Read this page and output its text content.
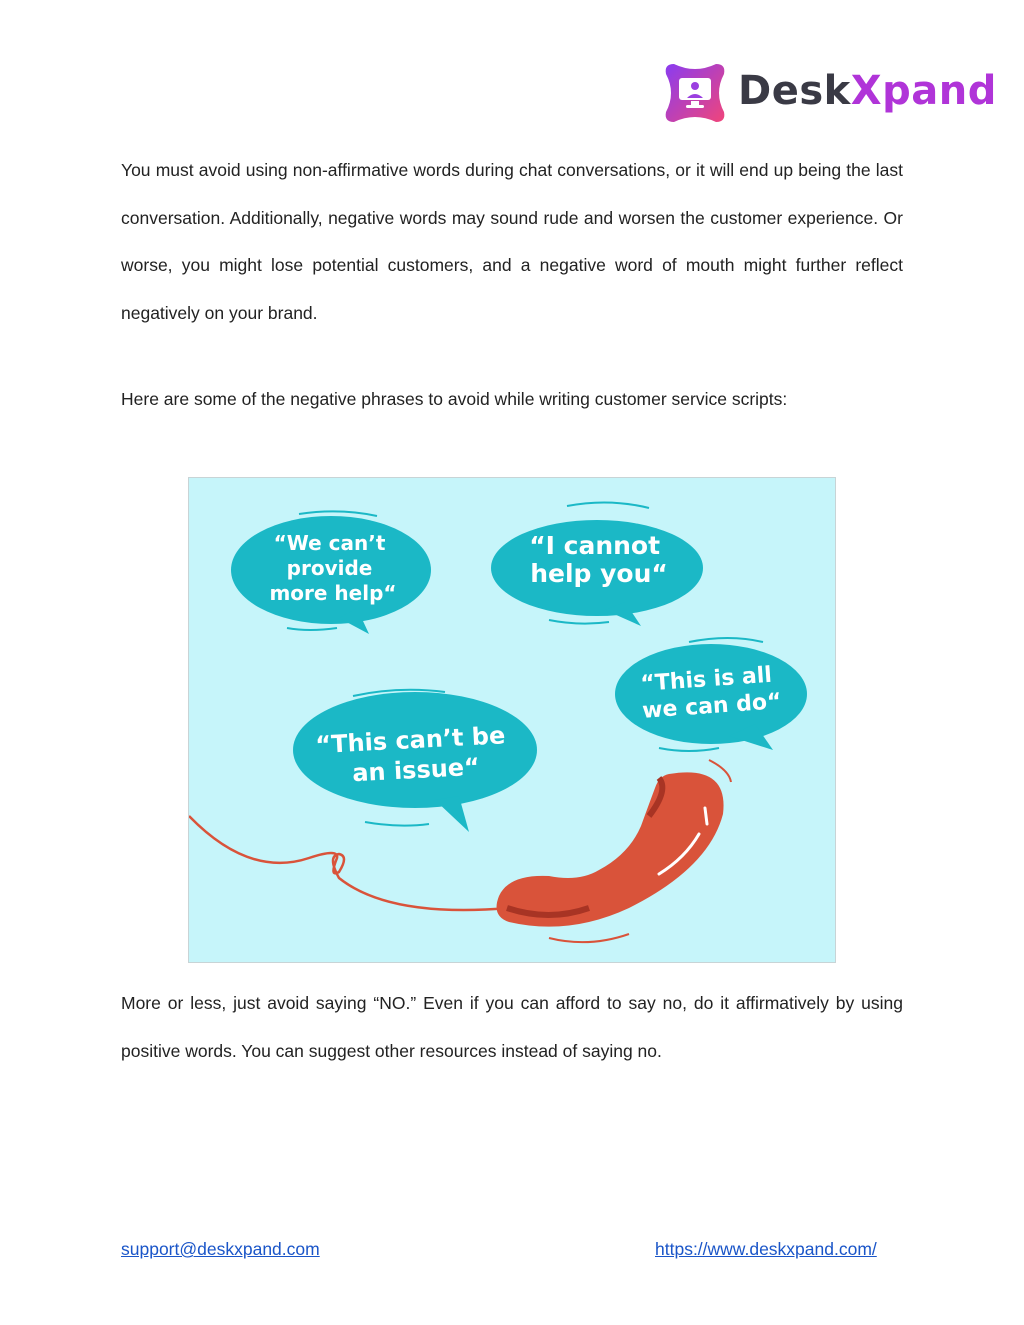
DeskXpand

You must avoid using non-affirmative words during chat conversations, or it will end up being the last conversation. Additionally, negative words may sound rude and worsen the customer experience. Or worse, you might lose potential customers, and a negative word of mouth might further reflect negatively on your brand.

Here are some of the negative phrases to avoid while writing customer service scripts:

“We can’t provide more help“
“I cannot help you“
“This is all we can do“
“This can’t be an issue“

More or less, just avoid saying “NO.” Even if you can afford to say no, do it affirmatively by using positive words. You can suggest other resources instead of saying no.

support@deskxpand.com	https://www.deskxpand.com/
